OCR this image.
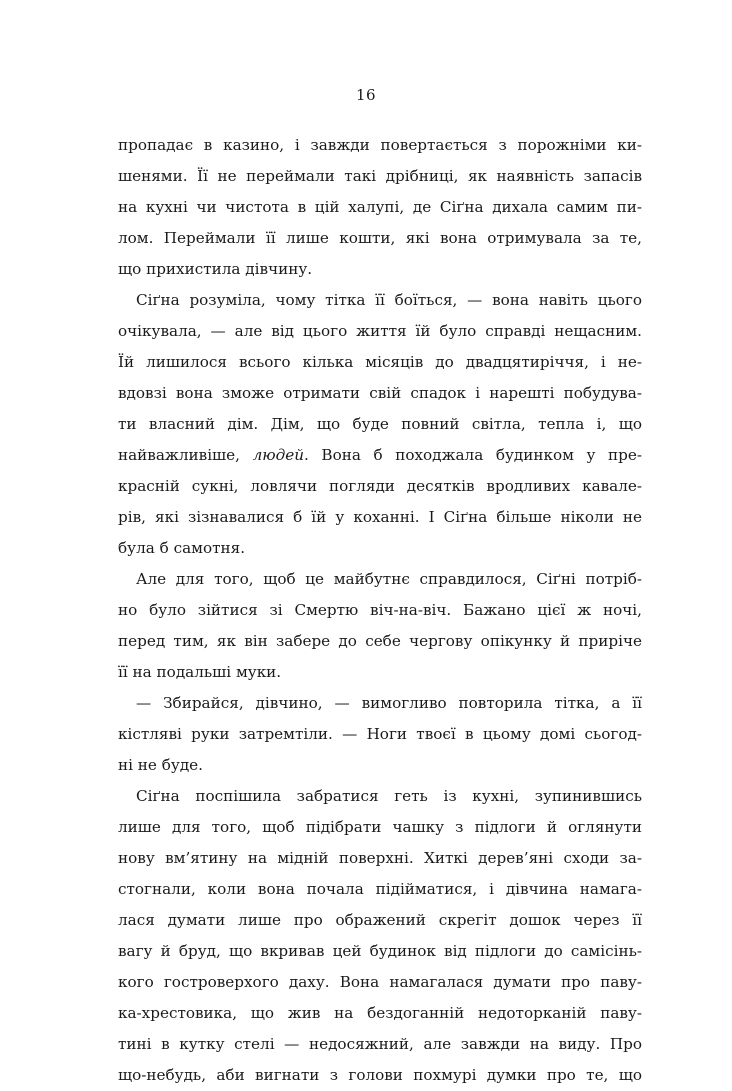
16
пропадає в казино, і завжди повертається з порожніми ки-
шенями. Її не переймали такі дрібниці, як наявність запасів
на кухні чи чистота в цій халупі, де Сіґна дихала самим пи-
лом. Переймали її лише кошти, які вона отримувала за те,
що прихистила дівчину.
Сіґна розуміла, чому тітка її боїться, — вона навіть цього
очікувала, — але від цього життя їй було справді нещасним.
Їй лишилося всього кілька місяців до двадцятиріччя, і не-
вдовзі вона зможе отримати свій спадок і нарешті побудува-
ти власний дім. Дім, що буде повний світла, тепла і, що
найважливіше, людей. Вона б походжала будинком у пре-
красній сукні, ловлячи погляди десятків вродливих кавале-
рів, які зізнавалися б їй у коханні. І Сіґна більше ніколи не
була б самотня.
Але для того, щоб це майбутнє справдилося, Сіґні потріб-
но було зійтися зі Смертю віч-на-віч. Бажано цієї ж ночі,
перед тим, як він забере до себе чергову опікунку й приріче
її на подальші муки.
— Збирайся, дівчино, — вимогливо повторила тітка, а її
кістляві руки затремтіли. — Ноги твоєї в цьому домі сьогод-
ні не буде.
Сіґна поспішила забратися геть із кухні, зупинившись
лише для того, щоб підібрати чашку з підлоги й оглянути
нову вм’ятину на мідній поверхні. Хиткі дерев’яні сходи за-
стогнали, коли вона почала підійматися, і дівчина намага-
лася думати лише про ображений скрегіт дошок через її
вагу й бруд, що вкривав цей будинок від підлоги до самісінь-
кого гостроверхого даху. Вона намагалася думати про паву-
ка-хрестовика, що жив на бездоганній недоторканій паву-
тині в кутку стелі — недосяжний, але завжди на виду. Про
що-небудь, аби вигнати з голови похмурі думки про те, що
